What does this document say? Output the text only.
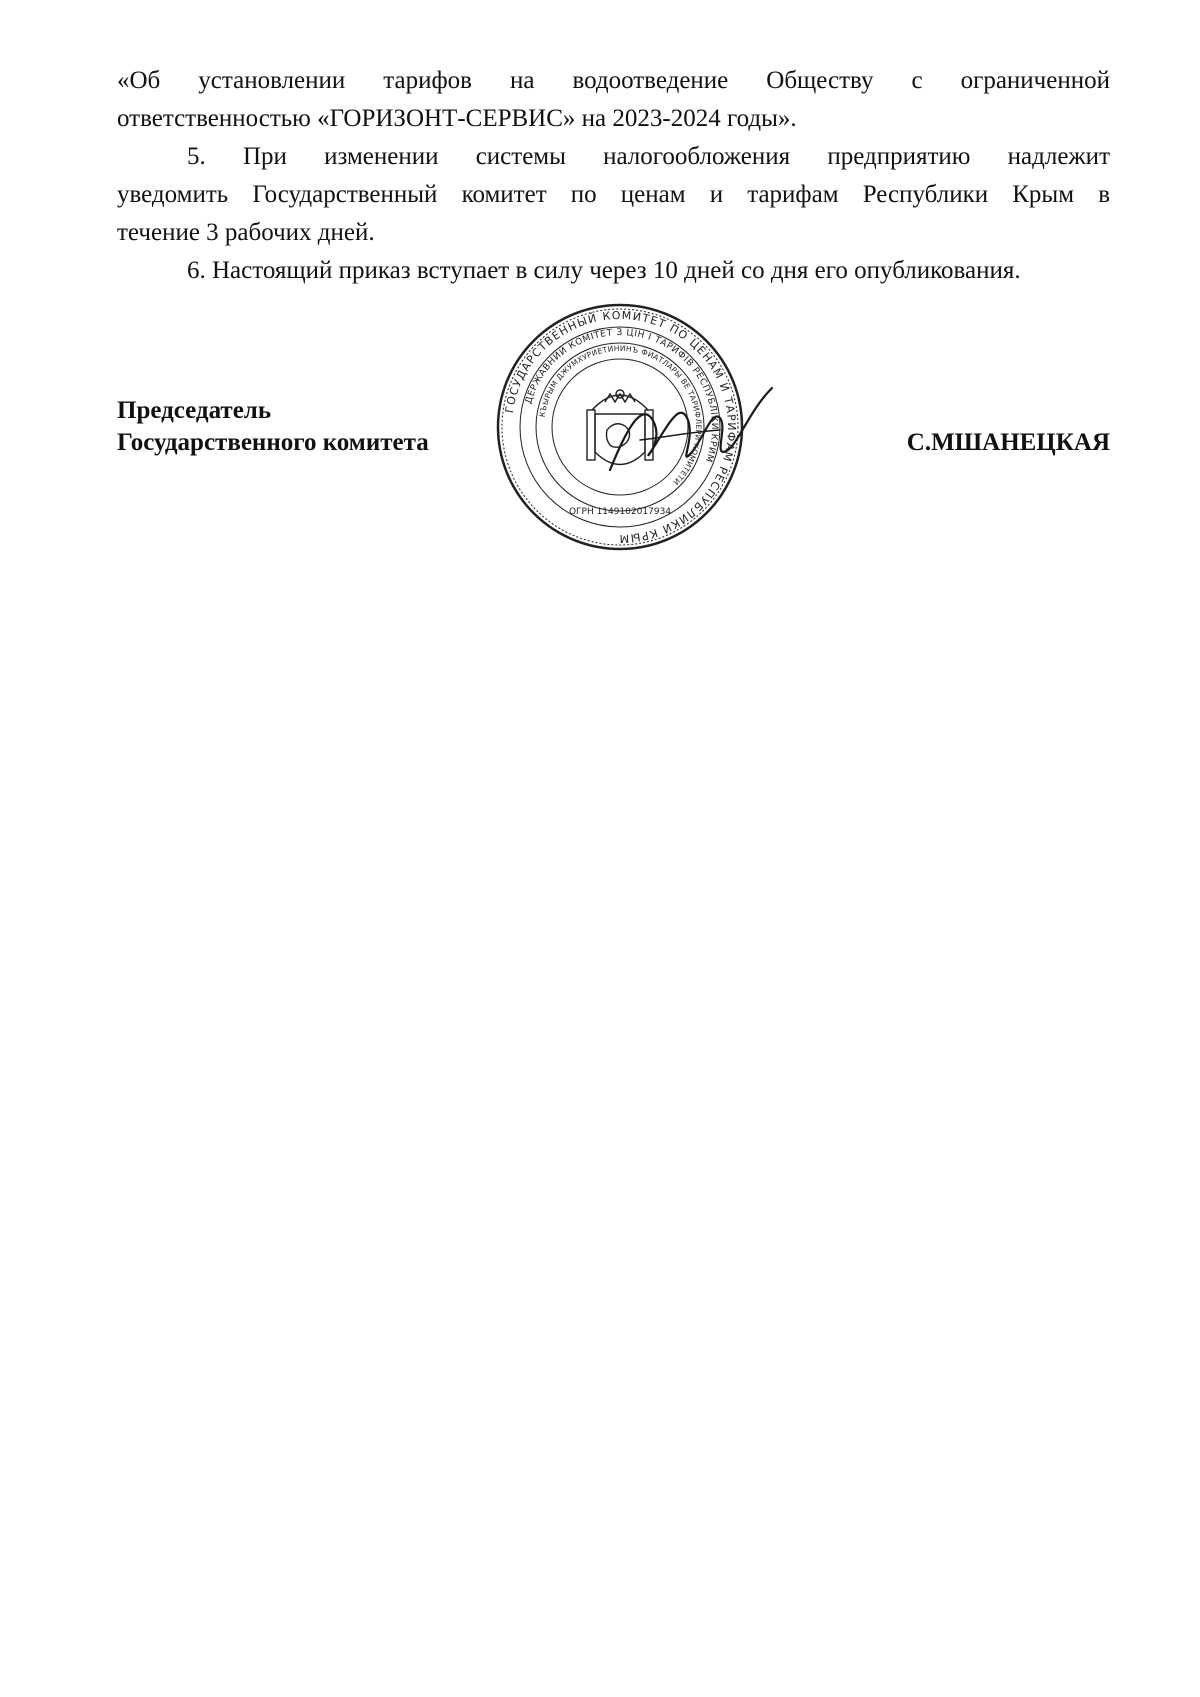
«Об установлении тарифов на водоотведение Обществу с ограниченной

ответственностью «ГОРИЗОНТ-СЕРВИС» на 2023-2024 годы».

5. При изменении системы налогообложения предприятию надлежит

уведомить Государственный комитет по ценам и тарифам Республики Крым в

течение 3 рабочих дней.

6. Настоящий приказ вступает в силу через 10 дней со дня его опубликования.

ГОСУДАРСТВЕННЫЙ КОМИТЕТ ПО ЦЕНАМ И ТАРИФАМ РЕСПУБЛИКИ КРЫМ
ДЕРЖАВНИЙ КОМІТЕТ З ЦІН І ТАРИФІВ РЕСПУБЛІКИ КРИМ
КЪЫРЫМ ДЖУМХУРИЕТИНИНЪ ФИАТЛАРЫ ВЕ ТАРИФЛЕРИ КОМИТЕТИ
ОГРН 1149102017934
Председатель
Государственного комитета	С.МШАНЕЦКАЯ
